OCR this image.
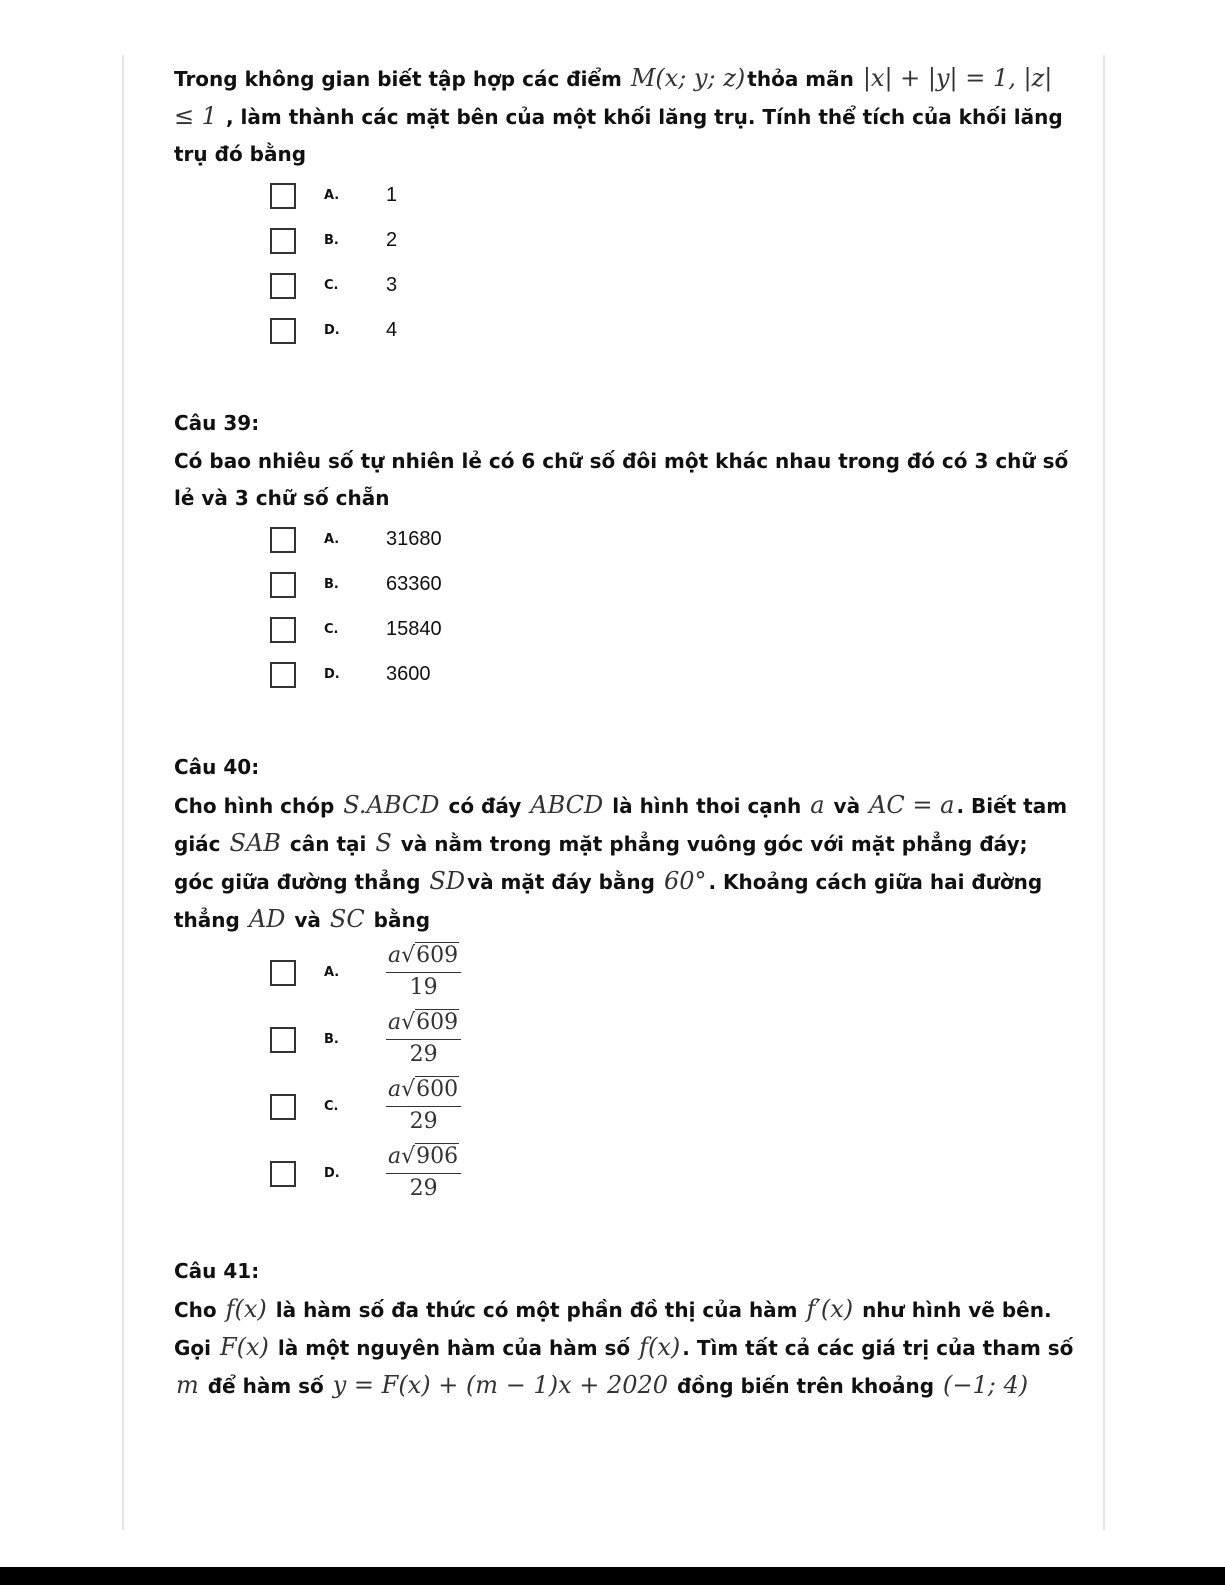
Trong không gian biết tập hợp các điểm M(x; y; z) thỏa mãn |x| + |y| = 1, |z| ≤ 1 , làm thành các mặt bên của một khối lăng trụ. Tính thể tích của khối lăng trụ đó bằng

A.	1
B.	2
C.	3
D.	4

Câu 39:

Có bao nhiêu số tự nhiên lẻ có 6 chữ số đôi một khác nhau trong đó có 3 chữ số lẻ và 3 chữ số chẵn

A.	31680
B.	63360
C.	15840
D.	3600

Câu 40:

Cho hình chóp S.ABCD có đáy ABCD là hình thoi cạnh a và AC = a . Biết tam giác SAB cân tại S và nằm trong mặt phẳng vuông góc với mặt phẳng đáy; góc giữa đường thẳng SD và mặt đáy bằng 60° . Khoảng cách giữa hai đường thẳng AD và SC bằng

A.	$\frac{a√609}{19}$
B.	$\frac{a√609}{29}$
C.	$\frac{a√600}{29}$
D.	$\frac{a√906}{29}$

Câu 41:

Cho f(x) là hàm số đa thức có một phần đồ thị của hàm f′(x) như hình vẽ bên. Gọi F(x) là một nguyên hàm của hàm số f(x) . Tìm tất cả các giá trị của tham số m để hàm số y = F(x) + (m − 1)x + 2020 đồng biến trên khoảng (−1; 4)
